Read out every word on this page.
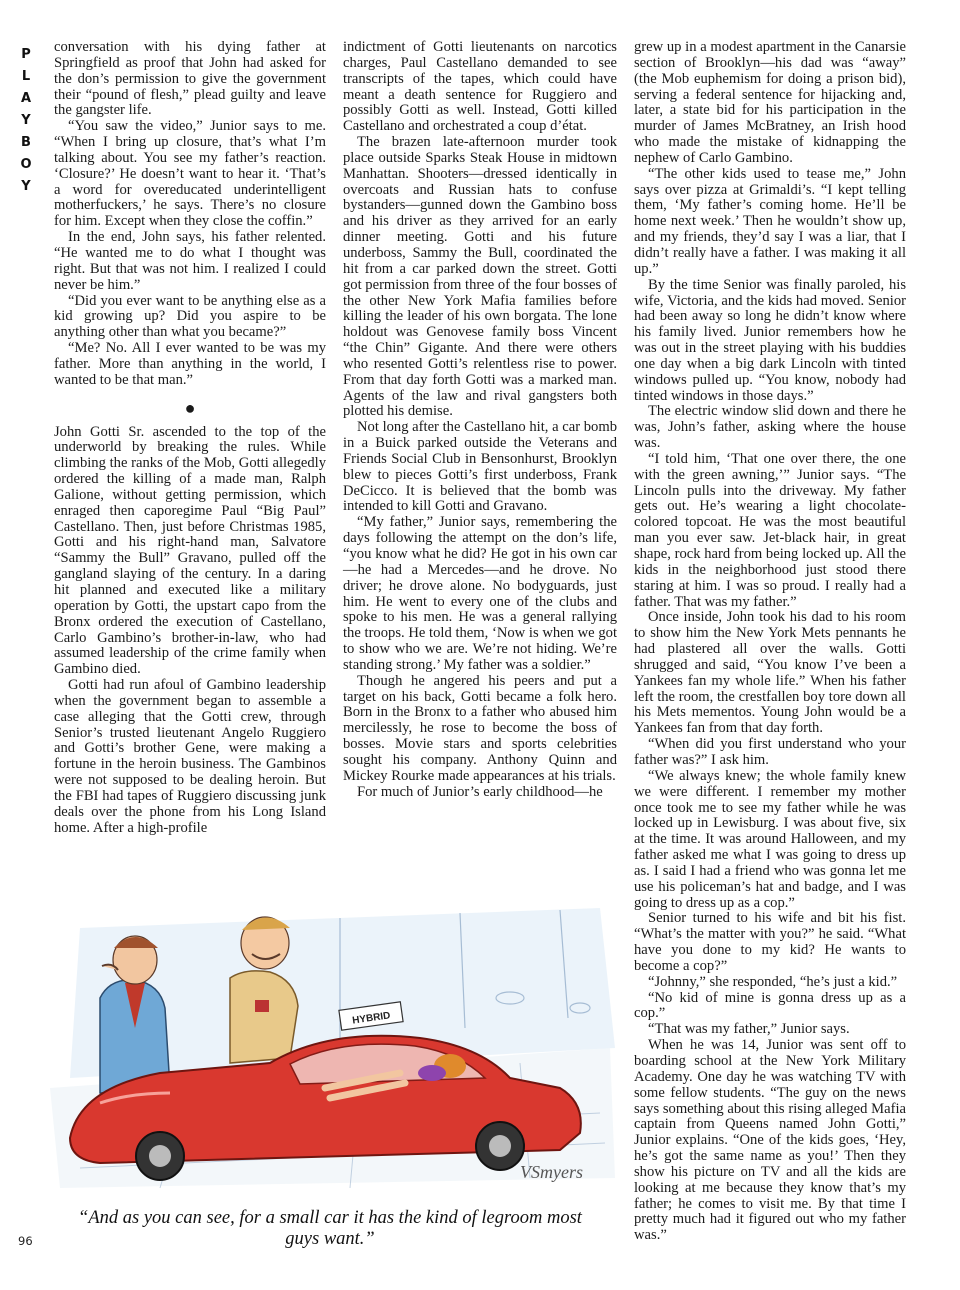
P
L
A
Y
B
O
Y

conversation with his dying father at Springfield as proof that John had asked for the don’s permission to give the government their “pound of flesh,” plead guilty and leave the gangster life.

“You saw the video,” Junior says to me. “When I bring up closure, that’s what I’m talking about. You see my father’s reaction. ‘Closure?’ He doesn’t want to hear it. ‘That’s a word for overeducated underintelligent motherfuckers,’ he says. There’s no closure for him. Except when they close the coffin.”

In the end, John says, his father relented. “He wanted me to do what I thought was right. But that was not him. I realized I could never be him.”

“Did you ever want to be anything else as a kid growing up? Did you aspire to be anything other than what you became?”

“Me? No. All I ever wanted to be was my father. More than anything in the world, I wanted to be that man.”

●

John Gotti Sr. ascended to the top of the underworld by breaking the rules. While climbing the ranks of the Mob, Gotti allegedly ordered the killing of a made man, Ralph Galione, without getting permission, which enraged then caporegime Paul “Big Paul” Castellano. Then, just before Christmas 1985, Gotti and his right-hand man, Salvatore “Sammy the Bull” Gravano, pulled off the gangland slaying of the century. In a daring hit planned and executed like a military operation by Gotti, the upstart capo from the Bronx ordered the execution of Castellano, Carlo Gambino’s brother-in-law, who had assumed leadership of the crime family when Gambino died.

Gotti had run afoul of Gambino leadership when the government began to assemble a case alleging that the Gotti crew, through Senior’s trusted lieutenant Angelo Ruggiero and Gotti’s brother Gene, were making a fortune in the heroin business. The Gambinos were not supposed to be dealing heroin. But the FBI had tapes of Ruggiero discussing junk deals over the phone from his Long Island home. After a high-profile

indictment of Gotti lieutenants on narcotics charges, Paul Castellano demanded to see transcripts of the tapes, which could have meant a death sentence for Ruggiero and possibly Gotti as well. Instead, Gotti killed Castellano and orchestrated a coup d’état.

The brazen late-afternoon murder took place outside Sparks Steak House in midtown Manhattan. Shooters—dressed identically in overcoats and Russian hats to confuse bystanders—gunned down the Gambino boss and his driver as they arrived for an early dinner meeting. Gotti and his future underboss, Sammy the Bull, coordinated the hit from a car parked down the street. Gotti got permission from three of the four bosses of the other New York Mafia families before killing the leader of his own borgata. The lone holdout was Genovese family boss Vincent “the Chin” Gigante. And there were others who resented Gotti’s relentless rise to power. From that day forth Gotti was a marked man. Agents of the law and rival gangsters both plotted his demise.

Not long after the Castellano hit, a car bomb in a Buick parked outside the Veterans and Friends Social Club in Bensonhurst, Brooklyn blew to pieces Gotti’s first underboss, Frank DeCicco. It is believed that the bomb was intended to kill Gotti and Gravano.

“My father,” Junior says, remembering the days following the attempt on the don’s life, “you know what he did? He got in his own car—he had a Mercedes—and he drove. No driver; he drove alone. No bodyguards, just him. He went to every one of the clubs and spoke to his men. He was a general rallying the troops. He told them, ‘Now is when we got to show who we are. We’re not hiding. We’re standing strong.’ My father was a soldier.”

Though he angered his peers and put a target on his back, Gotti became a folk hero. Born in the Bronx to a father who abused him mercilessly, he rose to become the boss of bosses. Movie stars and sports celebrities sought his company. Anthony Quinn and Mickey Rourke made appearances at his trials.

For much of Junior’s early childhood—he

grew up in a modest apartment in the Canarsie section of Brooklyn—his dad was “away” (the Mob euphemism for doing a prison bid), serving a federal sentence for hijacking and, later, a state bid for his participation in the murder of James McBratney, an Irish hood who made the mistake of kidnapping the nephew of Carlo Gambino.

“The other kids used to tease me,” John says over pizza at Grimaldi’s. “I kept telling them, ‘My father’s coming home. He’ll be home next week.’ Then he wouldn’t show up, and my friends, they’d say I was a liar, that I didn’t really have a father. I was making it all up.”

By the time Senior was finally paroled, his wife, Victoria, and the kids had moved. Senior had been away so long he didn’t know where his family lived. Junior remembers how he was out in the street playing with his buddies one day when a big dark Lincoln with tinted windows pulled up. “You know, nobody had tinted windows in those days.”

The electric window slid down and there he was, John’s father, asking where the house was.

“I told him, ‘That one over there, the one with the green awning,’” Junior says. “The Lincoln pulls into the driveway. My father gets out. He’s wearing a light chocolate-colored topcoat. He was the most beautiful man you ever saw. Jet-black hair, in great shape, rock hard from being locked up. All the kids in the neighborhood just stood there staring at him. I was so proud. I really had a father. That was my father.”

Once inside, John took his dad to his room to show him the New York Mets pennants he had plastered all over the walls. Gotti shrugged and said, “You know I’ve been a Yankees fan my whole life.” When his father left the room, the crestfallen boy tore down all his Mets mementos. Young John would be a Yankees fan from that day forth.

“When did you first understand who your father was?” I ask him.

“We always knew; the whole family knew we were different. I remember my mother once took me to see my father while he was locked up in Lewisburg. I was about five, six at the time. It was around Halloween, and my father asked me what I was going to dress up as. I said I had a friend who was gonna let me use his policeman’s hat and badge, and I was going to dress up as a cop.”

Senior turned to his wife and bit his fist. “What’s the matter with you?” he said. “What have you done to my kid? He wants to become a cop?”

“Johnny,” she responded, “he’s just a kid.”

“No kid of mine is gonna dress up as a cop.”

“That was my father,” Junior says.

When he was 14, Junior was sent off to boarding school at the New York Military Academy. One day he was watching TV with some fellow students. “The guy on the news says something about this rising alleged Mafia captain from Queens named John Gotti,” Junior explains. “One of the kids goes, ‘Hey, he’s got the same name as you!’ Then they show his picture on TV and all the kids are looking at me because they know that’s my father; he comes to visit me. By that time I pretty much had it figured out who my father was.”

HYBRID
VSmyers
“And as you can see, for a small car it has the kind of legroom most guys want.”
96
